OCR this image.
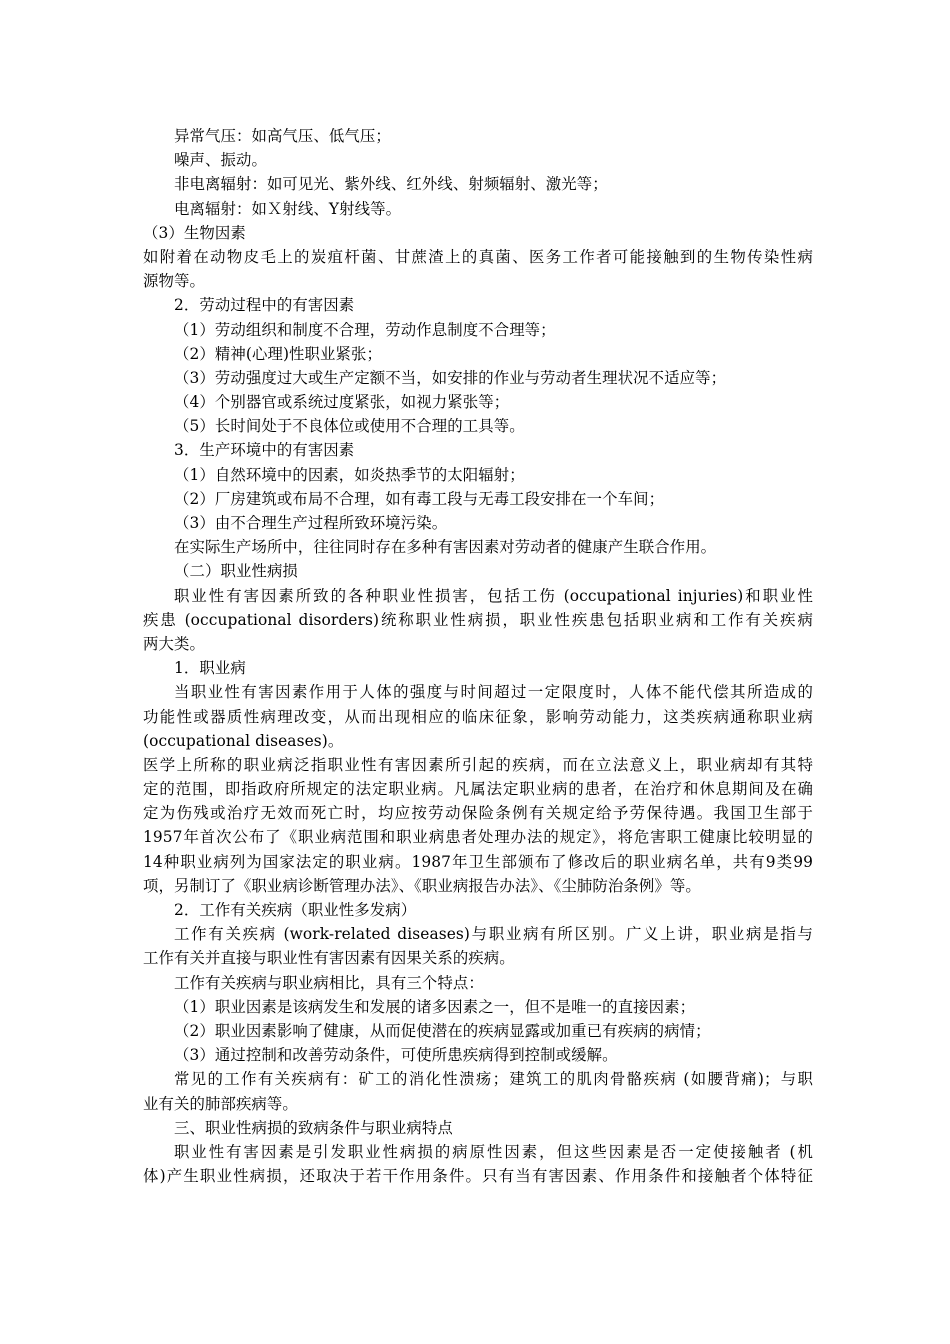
异常气压：如高气压、低气压；
噪声、振动。
非电离辐射：如可见光、紫外线、红外线、射频辐射、激光等；
电离辐射：如Ｘ射线、Υ射线等。
（3）生物因素
如附着在动物皮毛上的炭疽杆菌、甘蔗渣上的真菌、医务工作者可能接触到的生物传染性病
源物等。
2．劳动过程中的有害因素
（1）劳动组织和制度不合理，劳动作息制度不合理等；
（2）精神(心理)性职业紧张；
（3）劳动强度过大或生产定额不当，如安排的作业与劳动者生理状况不适应等；
（4）个别器官或系统过度紧张，如视力紧张等；
（5）长时间处于不良体位或使用不合理的工具等。
3．生产环境中的有害因素
（1）自然环境中的因素，如炎热季节的太阳辐射；
（2）厂房建筑或布局不合理，如有毒工段与无毒工段安排在一个车间；
（3）由不合理生产过程所致环境污染。
在实际生产场所中，往往同时存在多种有害因素对劳动者的健康产生联合作用。
（二）职业性病损
职业性有害因素所致的各种职业性损害，包括工伤 (occupational injuries)和职业性
疾患 (occupational disorders)统称职业性病损，职业性疾患包括职业病和工作有关疾病
两大类。
1．职业病
当职业性有害因素作用于人体的强度与时间超过一定限度时，人体不能代偿其所造成的
功能性或器质性病理改变，从而出现相应的临床征象，影响劳动能力，这类疾病通称职业病
(occupational diseases)。
医学上所称的职业病泛指职业性有害因素所引起的疾病，而在立法意义上，职业病却有其特
定的范围，即指政府所规定的法定职业病。凡属法定职业病的患者，在治疗和休息期间及在确
定为伤残或治疗无效而死亡时，均应按劳动保险条例有关规定给予劳保待遇。我国卫生部于
1957年首次公布了《职业病范围和职业病患者处理办法的规定》，将危害职工健康比较明显的
14种职业病列为国家法定的职业病。1987年卫生部颁布了修改后的职业病名单，共有9类99
项，另制订了《职业病诊断管理办法》、《职业病报告办法》、《尘肺防治条例》等。
2．工作有关疾病（职业性多发病）
工作有关疾病 (work-related diseases)与职业病有所区别。广义上讲，职业病是指与
工作有关并直接与职业性有害因素有因果关系的疾病。
工作有关疾病与职业病相比，具有三个特点：
（1）职业因素是该病发生和发展的诸多因素之一，但不是唯一的直接因素；
（2）职业因素影响了健康，从而促使潜在的疾病显露或加重已有疾病的病情；
（3）通过控制和改善劳动条件，可使所患疾病得到控制或缓解。
常见的工作有关疾病有：矿工的消化性溃疡；建筑工的肌肉骨骼疾病 (如腰背痛)；与职
业有关的肺部疾病等。
三、职业性病损的致病条件与职业病特点
职业性有害因素是引发职业性病损的病原性因素，但这些因素是否一定使接触者 (机
体)产生职业性病损，还取决于若干作用条件。只有当有害因素、作用条件和接触者个体特征
